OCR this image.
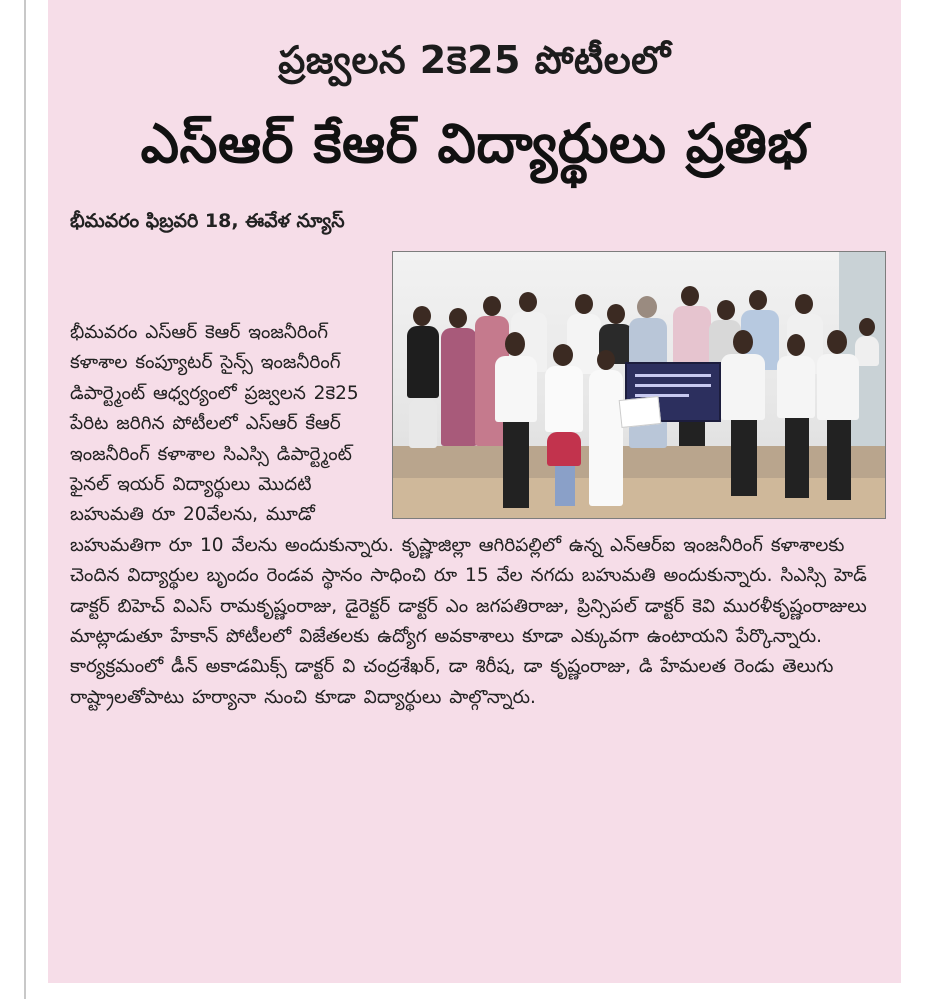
ప్రజ్వలన 2కె25 పోటీలలో
ఎస్ఆర్ కేఆర్ విద్యార్థులు ప్రతిభ
భీమవరం ఫిబ్రవరి 18, ఈవేళ న్యూస్
భీమవరం ఎస్ఆర్ కెఆర్ ఇంజనీరింగ్ కళాశాల కంప్యూటర్ సైన్స్ ఇంజనీరింగ్ డిపార్ట్మెంట్ ఆధ్వర్యంలో ప్రజ్వలన 2కె25 పేరిట జరిగిన పోటీలలో ఎస్ఆర్ కేఆర్ ఇంజనీరింగ్ కళాశాల సిఎస్సి డిపార్ట్మెంట్ ఫైనల్ ఇయర్ విద్యార్థులు మొదటి బహుమతి రూ 20వేలను, మూడో బహుమతిగా రూ 10 వేలను అందుకున్నారు. కృష్ణాజిల్లా ఆగిరిపల్లిలో ఉన్న ఎన్ఆర్ఐ ఇంజనీరింగ్ కళాశాలకు చెందిన విద్యార్థుల బృందం రెండవ స్థానం సాధించి రూ 15 వేల నగదు బహుమతి అందుకున్నారు. సిఎస్సి హెడ్ డాక్టర్ బిహెచ్ విఎస్ రామకృష్ణంరాజు, డైరెక్టర్ డాక్టర్ ఎం జగపతిరాజు, ప్రిన్సిపల్ డాక్టర్ కెవి మురళీకృష్ణంరాజులు మాట్లాడుతూ హేకాన్ పోటీలలో విజేతలకు ఉద్యోగ అవకాశాలు కూడా ఎక్కువగా ఉంటాయని పేర్కొన్నారు. కార్యక్రమంలో డీన్ అకాడమిక్స్ డాక్టర్ వి చంద్రశేఖర్, డా శిరీష, డా కృష్ణంరాజు, డి హేమలత రెండు తెలుగు రాష్ట్రాలతోపాటు హర్యానా నుంచి కూడా విద్యార్థులు పాల్గొన్నారు.
